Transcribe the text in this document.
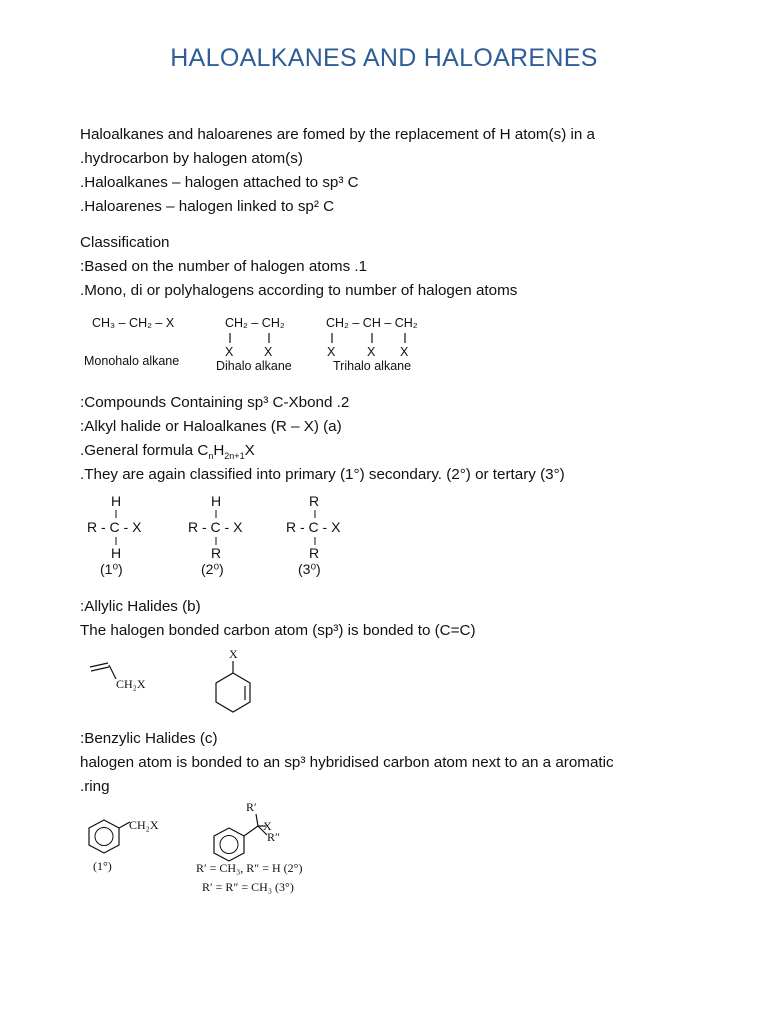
HALOALKANES AND HALOARENES
Haloalkanes and haloarenes are fomed by the replacement of H atom(s) in a
.hydrocarbon by halogen atom(s)
.Haloalkanes – halogen attached to sp³ C
.Haloarenes – halogen linked to sp² C
Classification
:Based on the number of halogen atoms .1
.Mono, di or polyhalogens according to number of halogen atoms
CH₃ – CH₂ – X
Monohalo alkane
CH₂ – CH₂
X X
Dihalo alkane
CH₂ – CH – CH₂
X	X X
Trihalo alkane
:Compounds Containing sp³ C-Xbond .2
:Alkyl halide or Haloalkanes (R – X) (a)
.General formula $C_nH_{2n+1}X$
.They are again classified into primary (1°) secondary. (2°) or tertary (3°)
H
R - C - X
H
(1⁰)
H
R - C - X
R
(2⁰)
R
R - C - X
R
(3⁰)
:Allylic Halides (b)
The halogen bonded carbon atom (sp³) is bonded to (C=C)
CH₂X
X
:Benzylic Halides (c)
halogen atom is bonded to an sp³ hybridised carbon atom next to an a aromatic
.ring
CH₂X
(1°)
R′
X
R″
R′ = CH₃, R″ = H (2°)
R′ = R″ = CH₃ (3°)
